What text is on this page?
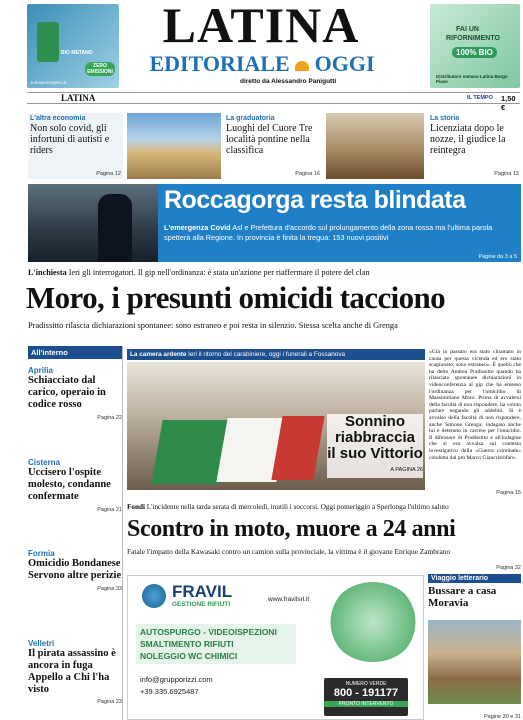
BIO METANO
ZERO EMISSIONI
turistaenergetici.it
LATINA
EDITORIALE OGGI
diretto da Alessandro Panigutti
FAI UN
RIFORNIMENTO
100% BIO
Distributore metano Latina Borgo Piave
LATINA	IL TEMPO 1,50 €
L'altra economia
Non solo covid, gli infortuni di autisti e riders
Pagina 12
La graduatoria
Luoghi del Cuore Tre località pontine nella classifica
Pagina 16
La storia
Licenziata dopo le nozze, il giudice la reintegra
Pagina 13
Roccagorga resta blindata
L'emergenza Covid Asl e Prefettura d'accordo sul prolungamento della zona rossa ma l'ultima parola spetterà alla Regione. In provincia è finita la tregua: 153 nuovi positivi
Pagine da 3 a 5
L'inchiesta Ieri gli interrogatori. Il gip nell'ordinanza: è stata un'azione per riaffermare il potere del clan
Moro, i presunti omicidi tacciono
Pradissitto rilascia dichiarazioni spontanee: sono estraneo e poi resta in silenzio. Stessa scelta anche di Grenga
All'interno
Aprilia
Schiacciato dal carico, operaio in codice rosso
Pagina 22
Cisterna
Uccisero l'ospite molesto, condanne confermate
Pagina 21
Formia
Omicidio Bondanese Servono altre perizie
Pagina 33
Velletri
Il pirata assassino è ancora in fuga Appello a Chi l'ha visto
Pagina 23
La camera ardente Ieri il ritorno del carabiniere, oggi i funerali a Fossanova
Sonnino
riabbraccia
il suo Vittorio
A PAGINA 26
«Già in passato era stato chiamato in causa per questa vicenda ed ero stato scagionato, sono estraneo». È quello che ha detto Andrea Pradissitto quando ha rilasciato spontanee dichiarazioni in videoconferenza al gip che ha emesso l'ordinanza per l'omicidio di Massimiliano Moro. Prima di avvalersi della facoltà di non rispondere, ha voluto parlare negando gli addebiti. Si è avvalso della facoltà di non rispondere, anche Simone Grenga, indagato anche lui e detenuto in carcere per l'omicidio. Il difensore di Pradissitto e all'indagine che si era avvalsa sul contesto investigativo della «Guerra criminale» condotta dal pm Marco Giancristofaro.
Pagina 15
Fondi L'incidente nella tarda serata di mercoledì, inutili i soccorsi. Oggi pomeriggio a Sperlonga l'ultimo saluto
Scontro in moto, muore a 24 anni
Fatale l'impatto della Kawasaki contro un camion sulla provinciale, la vittima è il giovane Enrique Zambrano
Pagina 32
FRAVIL
GESTIONE RIFIUTI
www.fravilsrl.it
AUTOSPURGO - VIDEOISPEZIONI
SMALTIMENTO RIFIUTI
NOLEGGIO WC CHIMICI
info@grupporizzi.com
+39.335.6925487
NUMERO VERDE
800 - 191177
PRONTO INTERVENTO
Viaggio letterario
Bussare a casa Moravia
Pagine 30 e 31
